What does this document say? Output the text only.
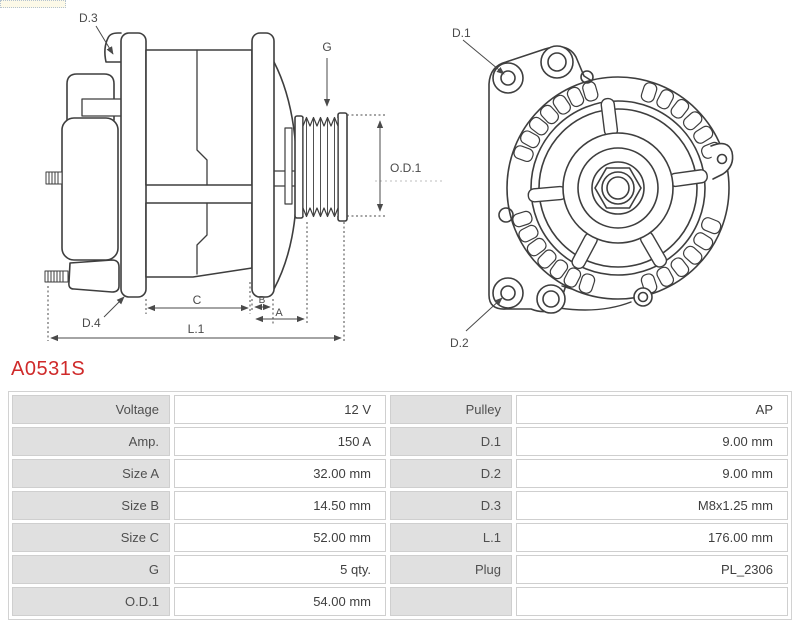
D.3
D.4
G
O.D.1
C	B
A
L.1
D.1
D.2
A0531S
Voltage	12 V	Pulley	AP
Amp.	150 A	D.1	9.00 mm
Size A	32.00 mm	D.2	9.00 mm
Size B	14.50 mm	D.3	M8x1.25 mm
Size C	52.00 mm	L.1	176.00 mm
G	5 qty.	Plug	PL_2306
O.D.1	54.00 mm
